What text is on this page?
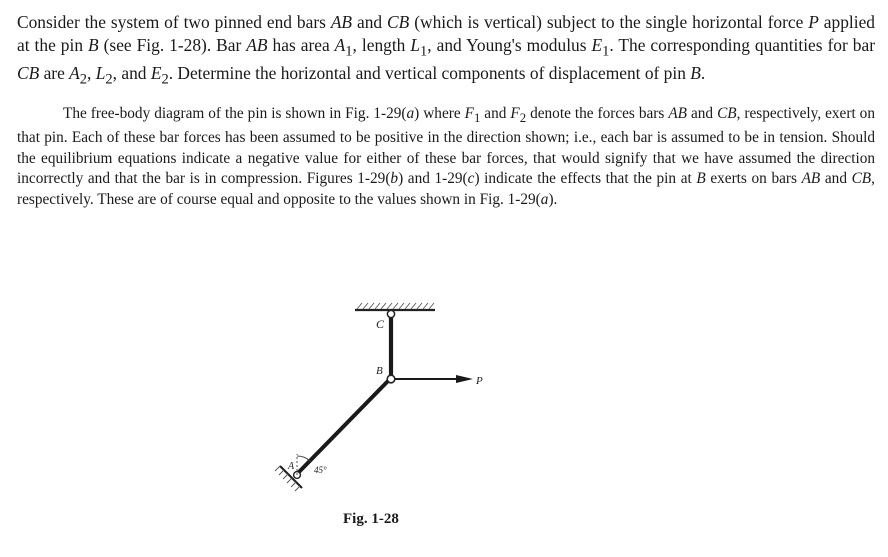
Consider the system of two pinned end bars AB and CB (which is vertical) subject to the single horizontal force P applied at the pin B (see Fig. 1-28). Bar AB has area $A_1$, length $L_1$, and Young's modulus $E_1$. The corresponding quantities for bar CB are $A_2$, $L_2$, and $E_2$. Determine the horizontal and vertical components of displacement of pin B.

The free-body diagram of the pin is shown in Fig. 1-29(a) where $F_1$ and $F_2$ denote the forces bars AB and CB, respectively, exert on that pin. Each of these bar forces has been assumed to be positive in the direction shown; i.e., each bar is assumed to be in tension. Should the equilibrium equations indicate a negative value for either of these bar forces, that would signify that we have assumed the direction incorrectly and that the bar is in compression. Figures 1-29(b) and 1-29(c) indicate the effects that the pin at B exerts on bars AB and CB, respectively. These are of course equal and opposite to the values shown in Fig. 1-29(a).

C
P
B
A 45°
Fig. 1-28
